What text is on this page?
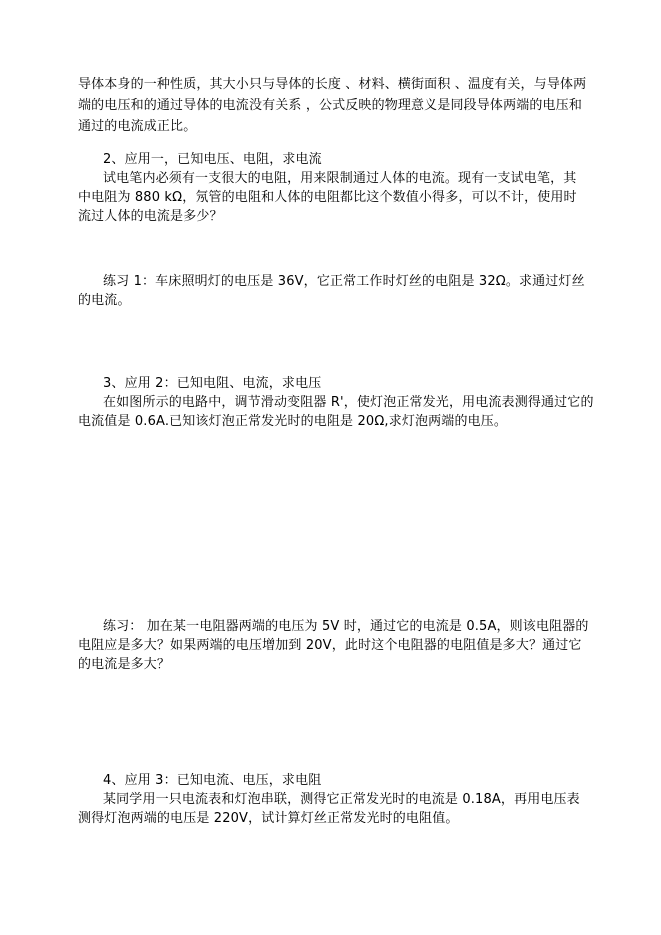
导体本身的一种性质，其大小只与导体的长度 、材料、横街面积 、温度有关，与导体两
端的电压和的通过导体的电流没有关系 ，公式反映的物理意义是同段导体两端的电压和
通过的电流成正比。
2、应用一，已知电压、电阻，求电流
试电笔内必须有一支很大的电阻，用来限制通过人体的电流。现有一支试电笔，其
中电阻为 880 kΩ，氖管的电阻和人体的电阻都比这个数值小得多，可以不计，使用时
流过人体的电流是多少？
练习 1：车床照明灯的电压是 36V，它正常工作时灯丝的电阻是 32Ω。求通过灯丝
的电流。
3、应用 2：已知电阻、电流，求电压
在如图所示的电路中，调节滑动变阻器 R'，使灯泡正常发光，用电流表测得通过它的
电流值是 0.6A.已知该灯泡正常发光时的电阻是 20Ω,求灯泡两端的电压。
练习： 加在某一电阻器两端的电压为 5V 时，通过它的电流是 0.5A，则该电阻器的
电阻应是多大？如果两端的电压增加到 20V，此时这个电阻器的电阻值是多大？通过它
的电流是多大？
4、应用 3：已知电流、电压，求电阻
某同学用一只电流表和灯泡串联，测得它正常发光时的电流是 0.18A，再用电压表
测得灯泡两端的电压是 220V，试计算灯丝正常发光时的电阻值。
